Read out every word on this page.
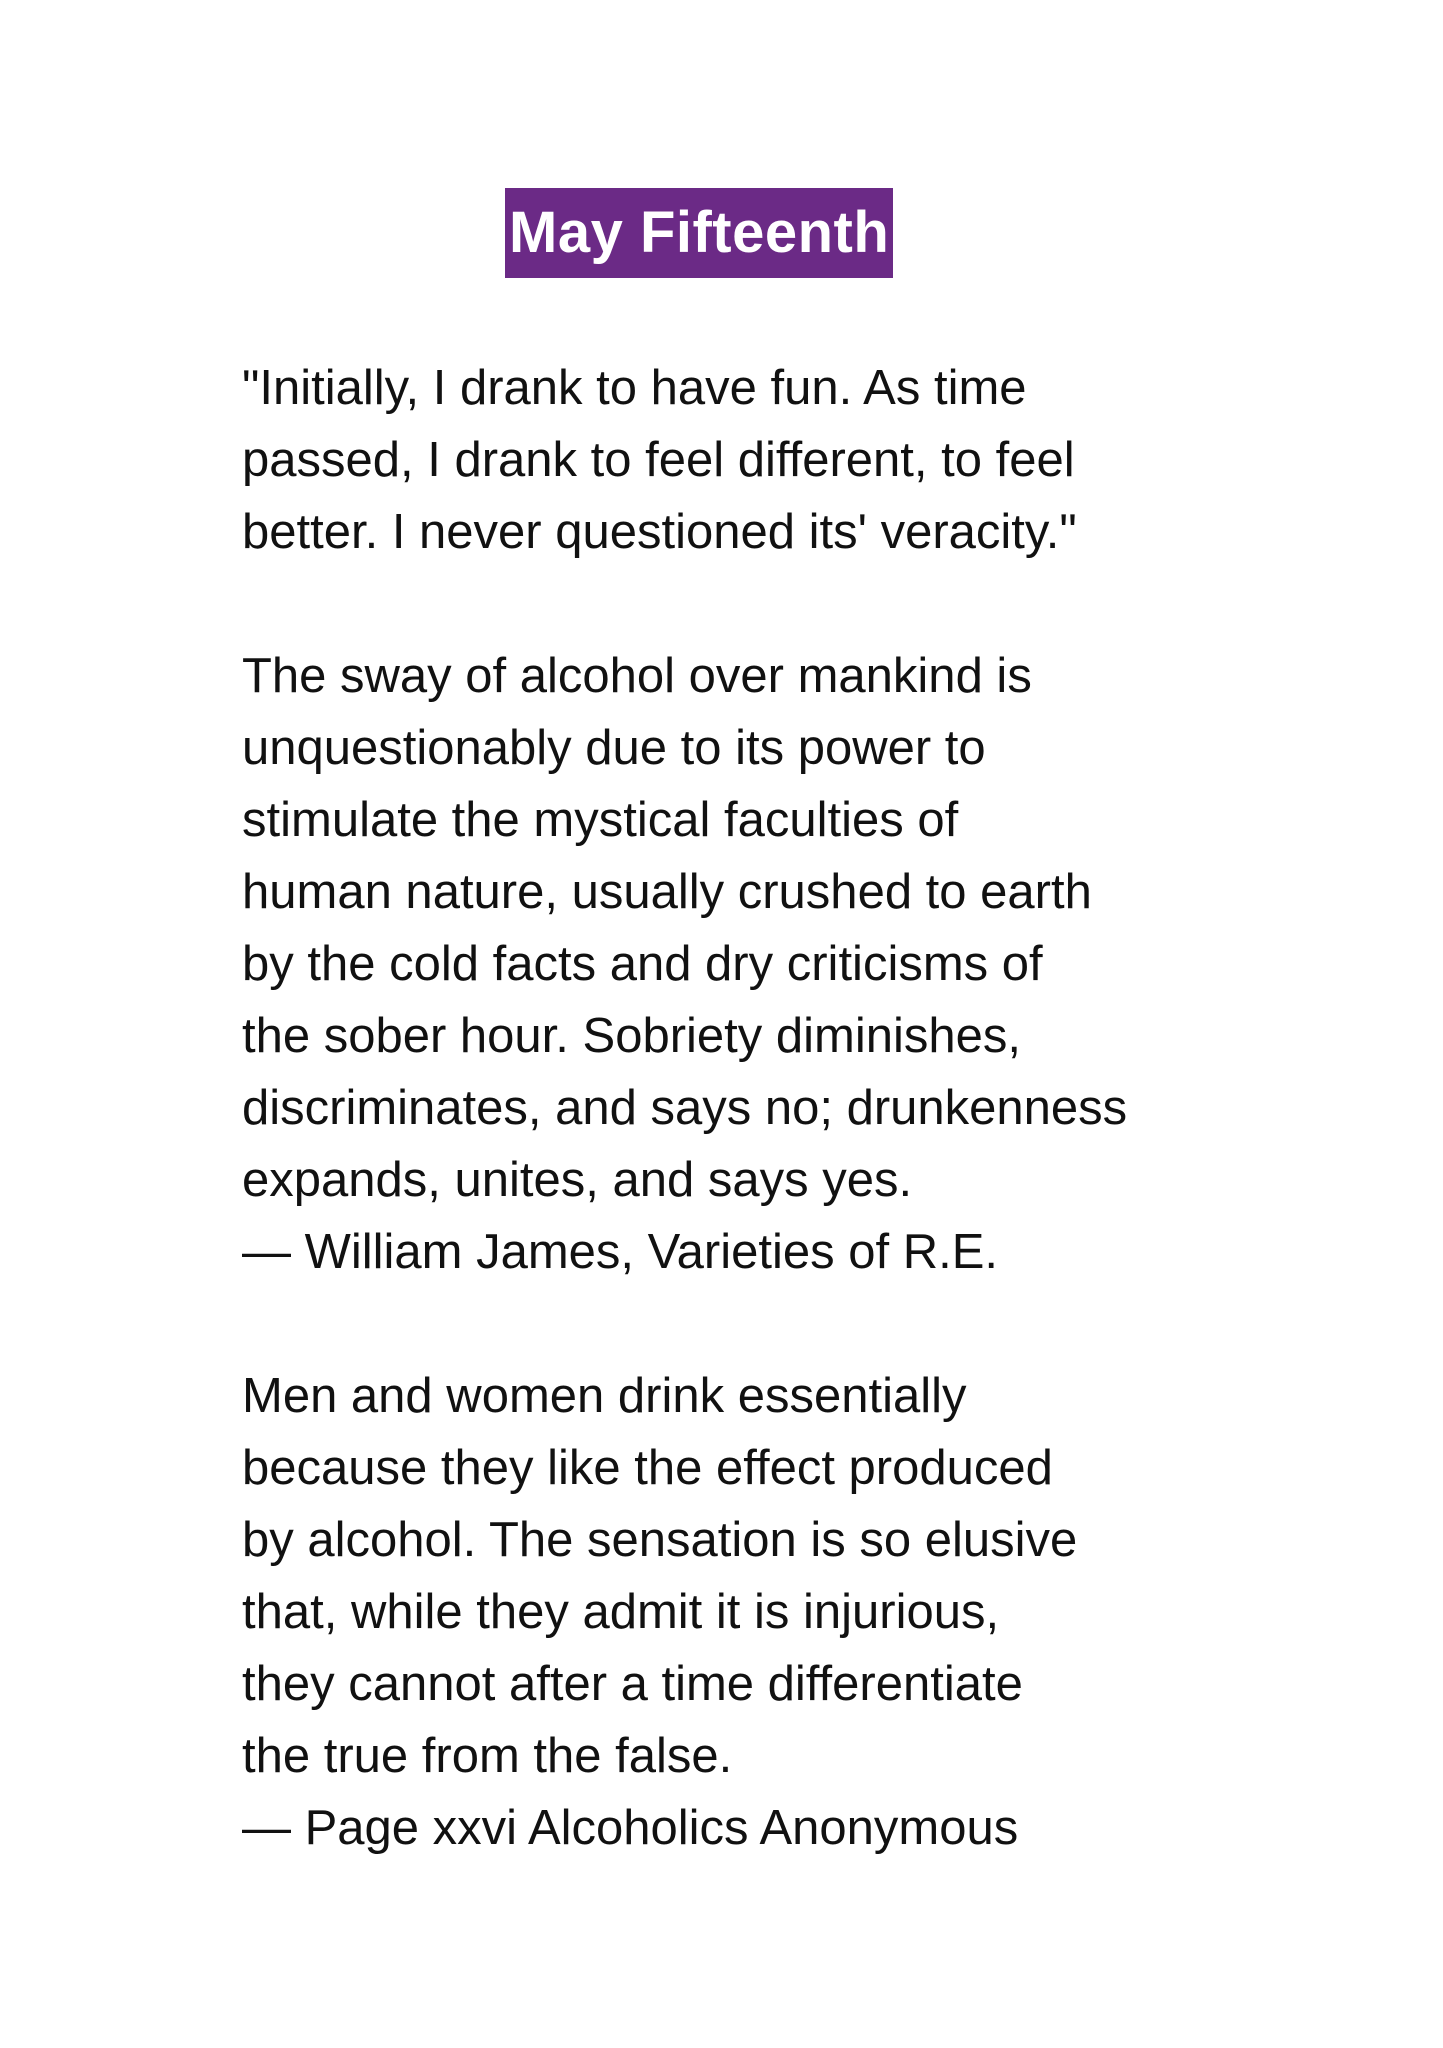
May Fifteenth
"Initially, I drank to have fun. As time
passed, I drank to feel different, to feel
better. I never questioned its' veracity."
The sway of alcohol over mankind is
unquestionably due to its power to
stimulate the mystical faculties of
human nature, usually crushed to earth
by the cold facts and dry criticisms of
the sober hour. Sobriety diminishes,
discriminates, and says no; drunkenness
expands, unites, and says yes.
— William James, Varieties of R.E.
Men and women drink essentially
because they like the effect produced
by alcohol. The sensation is so elusive
that, while they admit it is injurious,
they cannot after a time differentiate
the true from the false.
— Page xxvi Alcoholics Anonymous
